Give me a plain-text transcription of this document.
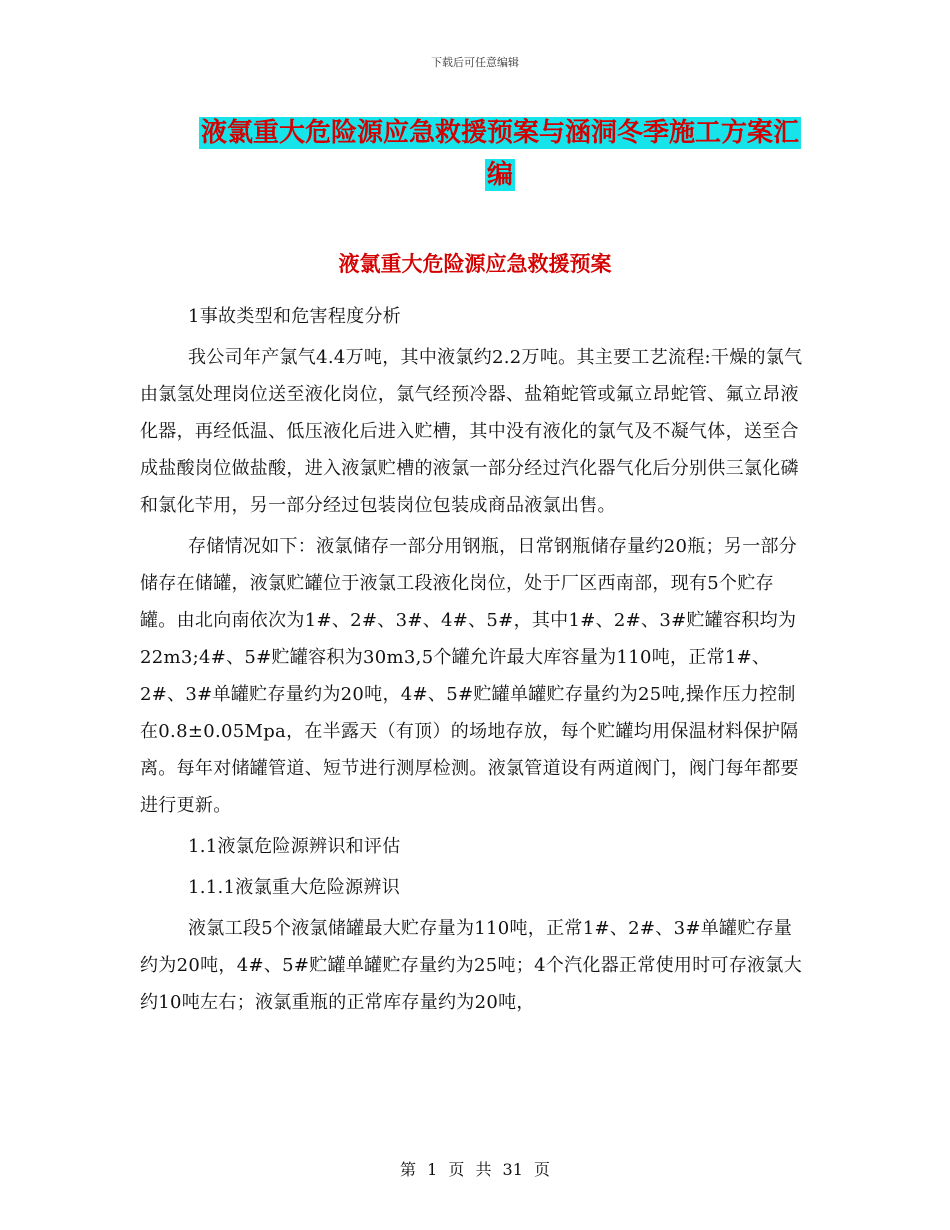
下载后可任意编辑
液氯重大危险源应急救援预案与涵洞冬季施工方案汇
编
液氯重大危险源应急救援预案

1事故类型和危害程度分析

我公司年产氯气4.4万吨，其中液氯约2.2万吨。其主要工艺流程:干燥的氯气由氯氢处理岗位送至液化岗位，氯气经预冷器、盐箱蛇管或氟立昂蛇管、氟立昂液化器，再经低温、低压液化后进入贮槽，其中没有液化的氯气及不凝气体，送至合成盐酸岗位做盐酸，进入液氯贮槽的液氯一部分经过汽化器气化后分别供三氯化磷和氯化苄用，另一部分经过包装岗位包装成商品液氯出售。

存储情况如下：液氯储存一部分用钢瓶，日常钢瓶储存量约20瓶；另一部分储存在储罐，液氯贮罐位于液氯工段液化岗位，处于厂区西南部，现有5个贮存罐。由北向南依次为1#、2#、3#、4#、5#，其中1#、2#、3#贮罐容积均为22m3;4#、5#贮罐容积为30m3,5个罐允许最大库容量为110吨，正常1#、2#、3#单罐贮存量约为20吨，4#、5#贮罐单罐贮存量约为25吨,操作压力控制在0.8±0.05Mpa，在半露天（有顶）的场地存放，每个贮罐均用保温材料保护隔离。每年对储罐管道、短节进行测厚检测。液氯管道设有两道阀门，阀门每年都要进行更新。

1.1液氯危险源辨识和评估

1.1.1液氯重大危险源辨识

液氯工段5个液氯储罐最大贮存量为110吨，正常1#、2#、3#单罐贮存量约为20吨，4#、5#贮罐单罐贮存量约为25吨；4个汽化器正常使用时可存液氯大约10吨左右；液氯重瓶的正常库存量约为20吨，

第 1 页 共 31 页
